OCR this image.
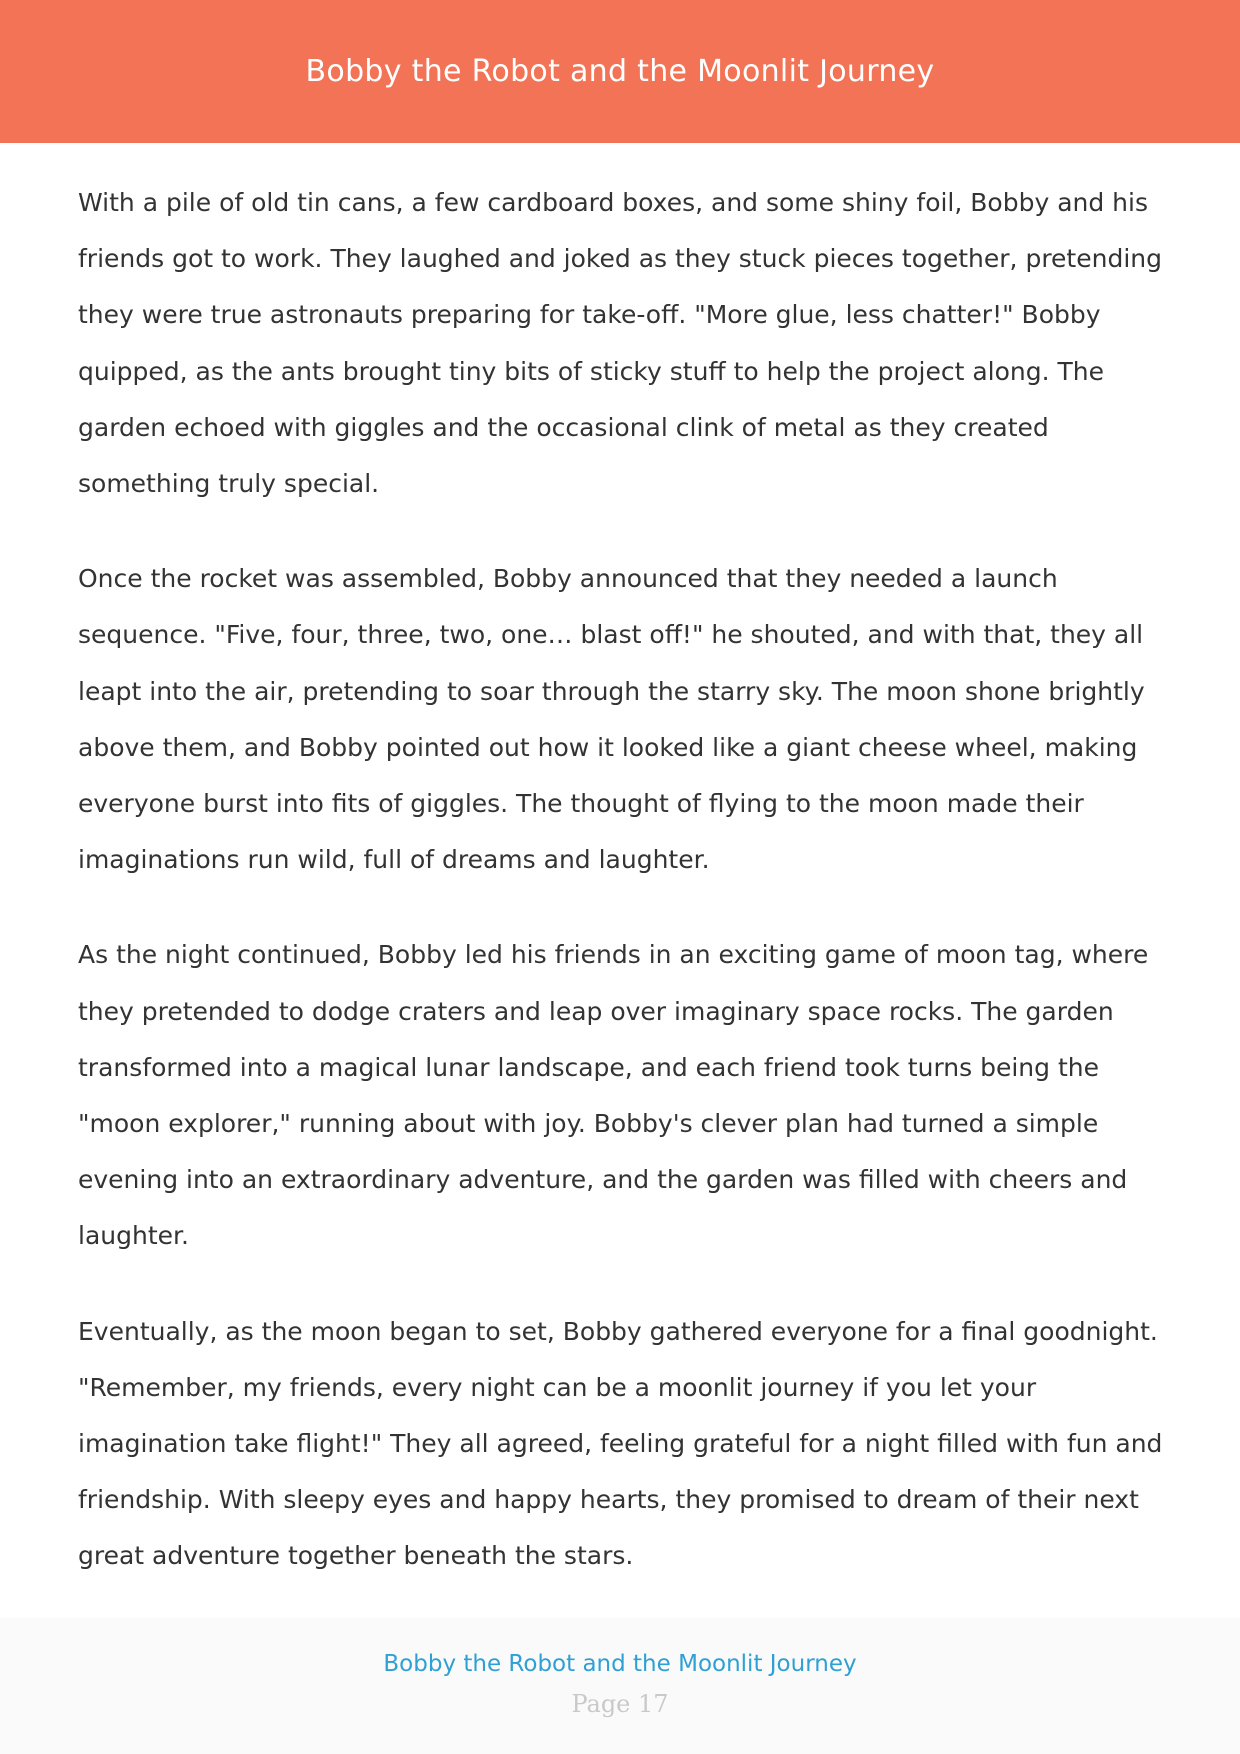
Bobby the Robot and the Moonlit Journey

With a pile of old tin cans, a few cardboard boxes, and some shiny foil, Bobby and his friends got to work. They laughed and joked as they stuck pieces together, pretending they were true astronauts preparing for take-off. "More glue, less chatter!" Bobby quipped, as the ants brought tiny bits of sticky stuff to help the project along. The garden echoed with giggles and the occasional clink of metal as they created something truly special.

Once the rocket was assembled, Bobby announced that they needed a launch sequence. "Five, four, three, two, one… blast off!" he shouted, and with that, they all leapt into the air, pretending to soar through the starry sky. The moon shone brightly above them, and Bobby pointed out how it looked like a giant cheese wheel, making everyone burst into fits of giggles. The thought of flying to the moon made their imaginations run wild, full of dreams and laughter.

As the night continued, Bobby led his friends in an exciting game of moon tag, where they pretended to dodge craters and leap over imaginary space rocks. The garden transformed into a magical lunar landscape, and each friend took turns being the "moon explorer," running about with joy. Bobby's clever plan had turned a simple evening into an extraordinary adventure, and the garden was filled with cheers and laughter.

Eventually, as the moon began to set, Bobby gathered everyone for a final goodnight. "Remember, my friends, every night can be a moonlit journey if you let your imagination take flight!" They all agreed, feeling grateful for a night filled with fun and friendship. With sleepy eyes and happy hearts, they promised to dream of their next great adventure together beneath the stars.

Bobby the Robot and the Moonlit Journey
Page 17
